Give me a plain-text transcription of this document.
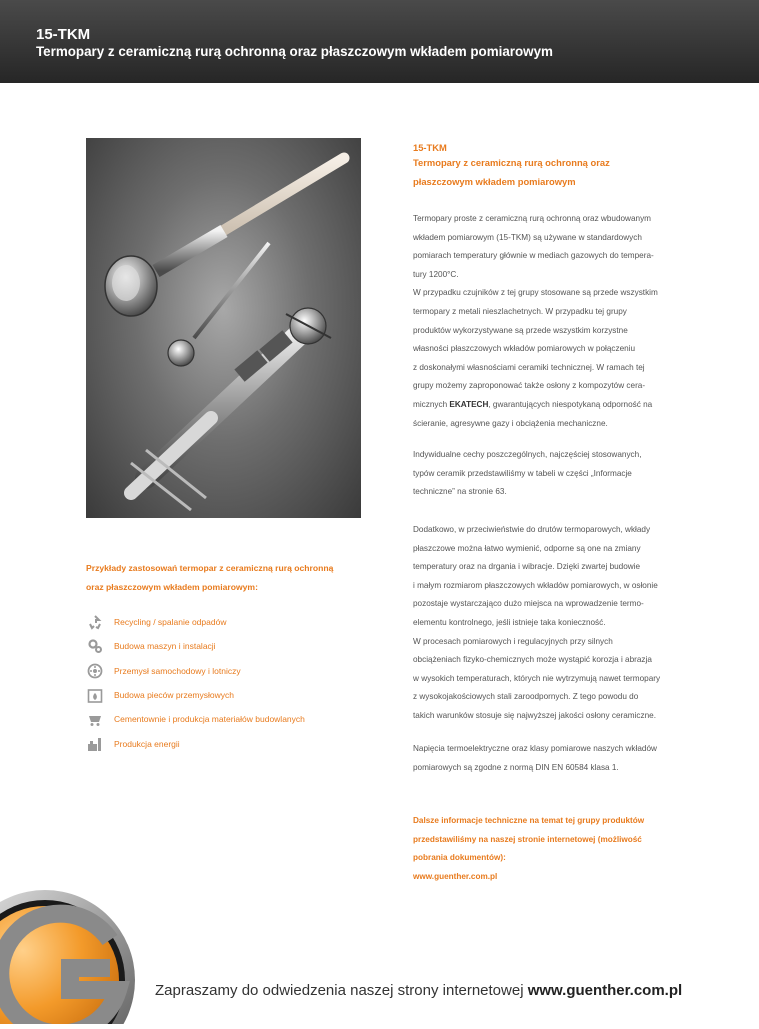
15-TKM
Termopary z ceramiczną rurą ochronną oraz płaszczowym wkładem pomiarowym
Przykłady zastosowań termopar z ceramiczną rurą ochronną
oraz płaszczowym wkładem pomiarowym:
Recycling / spalanie odpadów
Budowa maszyn i instalacji
Przemysł samochodowy i lotniczy
Budowa pieców przemysłowych
Cementownie i produkcja materiałów budowlanych
Produkcja energii
15-TKM
Termopary z ceramiczną rurą ochronną oraz
płaszczowym wkładem pomiarowym
Termopary proste z ceramiczną rurą ochronną oraz wbudowanym
wkładem pomiarowym (15-TKM) są używane w standardowych
pomiarach temperatury głównie w mediach gazowych do tempera-
tury 1200°C.
W przypadku czujników z tej grupy stosowane są przede wszystkim
termopary z metali nieszlachetnych. W przypadku tej grupy
produktów wykorzystywane są przede wszystkim korzystne
własności płaszczowych wkładów pomiarowych w połączeniu
z doskonałymi własnościami ceramiki technicznej. W ramach tej
grupy możemy zaproponować także osłony z kompozytów cera-
micznych EKATECH, gwarantujących niespotykaną odporność na
ścieranie, agresywne gazy i obciążenia mechaniczne.
Indywidualne cechy poszczególnych, najczęściej stosowanych,
typów ceramik przedstawiliśmy w tabeli w części „Informacje
techniczne” na stronie 63.
Dodatkowo, w przeciwieństwie do drutów termoparowych, wkłady
płaszczowe można łatwo wymienić, odporne są one na zmiany
temperatury oraz na drgania i wibracje. Dzięki zwartej budowie
i małym rozmiarom płaszczowych wkładów pomiarowych, w osłonie
pozostaje wystarczająco dużo miejsca na wprowadzenie termo-
elementu kontrolnego, jeśli istnieje taka konieczność.
W procesach pomiarowych i regulacyjnych przy silnych
obciążeniach fizyko-chemicznych może wystąpić korozja i abrazja
w wysokich temperaturach, których nie wytrzymują nawet termopary
z wysokojakościowych stali zaroodpornych. Z tego powodu do
takich warunków stosuje się najwyższej jakości osłony ceramiczne.
Napięcia termoelektryczne oraz klasy pomiarowe naszych wkładów
pomiarowych są zgodne z normą DIN EN 60584 klasa 1.
Dalsze informacje techniczne na temat tej grupy produktów
przedstawiliśmy na naszej stronie internetowej (możliwość
pobrania dokumentów):
www.guenther.com.pl
Zapraszamy do odwiedzenia naszej strony internetowej www.guenther.com.pl
